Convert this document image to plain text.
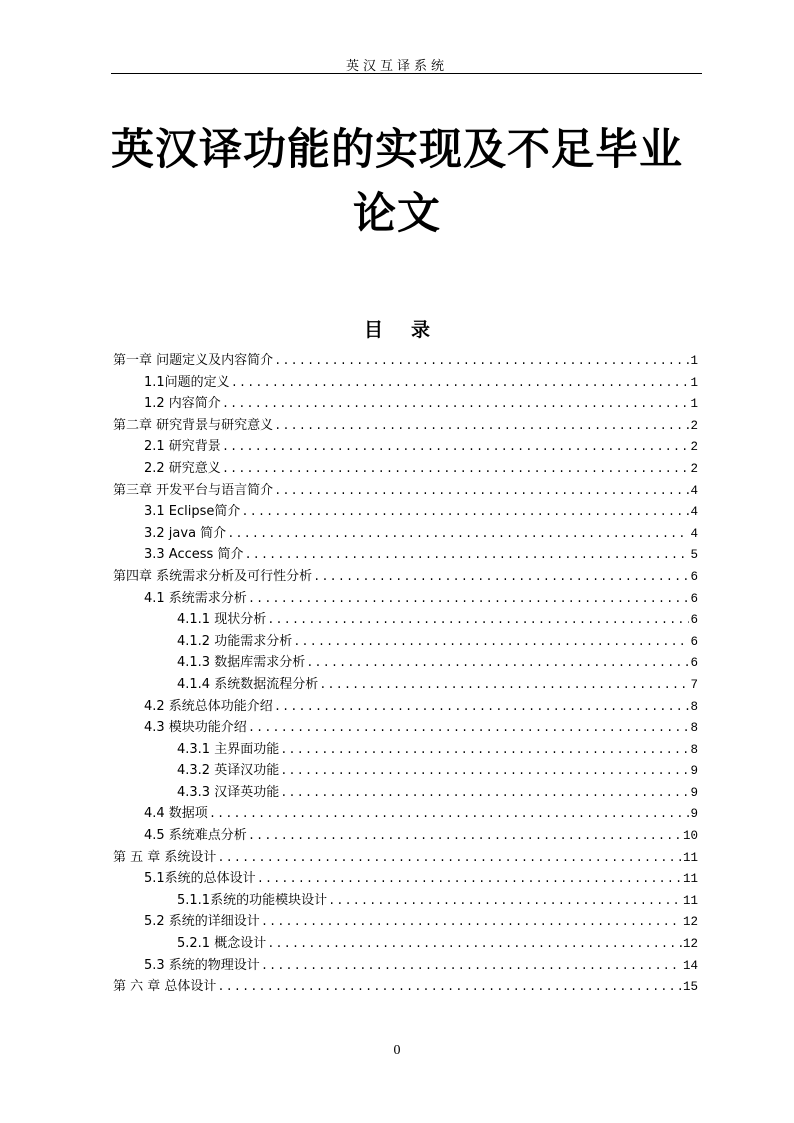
英汉互译系统
英汉译功能的实现及不足毕业论文
目 录
第一章 问题定义及内容简介 .....	1
1.1问题的定义 .....	1
1.2 内容简介 .....	1
第二章 研究背景与研究意义 .....	2
2.1 研究背景 .....	2
2.2 研究意义 .....	2
第三章 开发平台与语言简介 .....	4
3.1 Eclipse简介 .....	4
3.2 java 简介 .....	4
3.3 Access 简介 .....	5
第四章 系统需求分析及可行性分析 .....	6
4.1 系统需求分析 .....	6
4.1.1 现状分析 .....	6
4.1.2 功能需求分析 .....	6
4.1.3 数据库需求分析 .....	6
4.1.4 系统数据流程分析 .....	7
4.2 系统总体功能介绍 .....	8
4.3 模块功能介绍 .....	8
4.3.1 主界面功能 .....	8
4.3.2 英译汉功能 .....	9
4.3.3 汉译英功能 .....	9
4.4 数据项 .....	9
4.5 系统难点分析 .....	10
第 五 章 系统设计 .....	11
5.1系统的总体设计 .....	11
5.1.1系统的功能模块设计 .....	11
5.2 系统的详细设计 .....	12
5.2.1 概念设计 .....	12
5.3 系统的物理设计 .....	14
第 六 章 总体设计 .....	15
0
